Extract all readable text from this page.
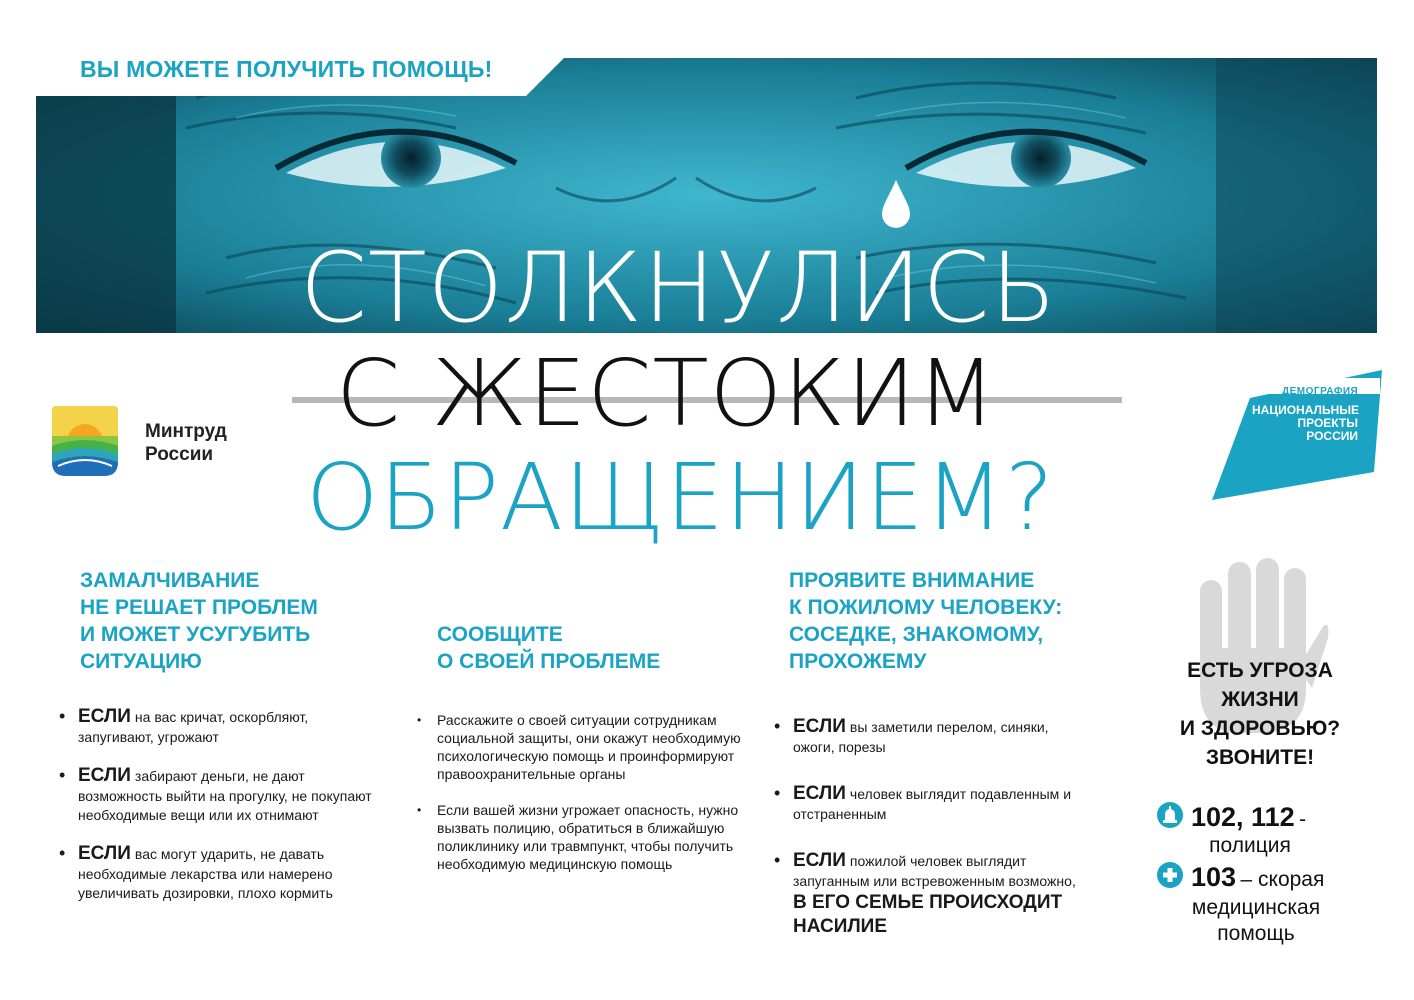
ВЫ МОЖЕТЕ ПОЛУЧИТЬ ПОМОЩЬ!
СТОЛКНУЛИСЬ
С ЖЕСТОКИМ
ОБРАЩЕНИЕМ?
Минтруд
России
ДЕМОГРАФИЯ
НАЦИОНАЛЬНЫЕ ПРОЕКТЫ РОССИИ
ЗАМАЛЧИВАНИЕ
НЕ РЕШАЕТ ПРОБЛЕМ
И МОЖЕТ УСУГУБИТЬ
СИТУАЦИЮ
• ЕСЛИ на вас кричат, оскорбляют, запугивают, угрожают
• ЕСЛИ забирают деньги, не дают возможность выйти на прогулку, не покупают необходимые вещи или их отнимают
• ЕСЛИ вас могут ударить, не давать необходимые лекарства или намерено увеличивать дозировки, плохо кормить
СООБЩИТЕ
О СВОЕЙ ПРОБЛЕМЕ
• Расскажите о своей ситуации сотрудникам социальной защиты, они окажут необходимую психологическую помощь и проинформируют правоохранительные органы
• Если вашей жизни угрожает опасность, нужно вызвать полицию, обратиться в ближайшую поликлинику или травмпункт, чтобы получить необходимую медицинскую помощь
ПРОЯВИТЕ ВНИМАНИЕ
К ПОЖИЛОМУ ЧЕЛОВЕКУ:
СОСЕДКЕ, ЗНАКОМОМУ,
ПРОХОЖЕМУ
• ЕСЛИ вы заметили перелом, синяки, ожоги, порезы
• ЕСЛИ человек выглядит подавленным и отстраненным
• ЕСЛИ пожилой человек выглядит запуганным или встревоженным возможно, В ЕГО СЕМЬЕ ПРОИСХОДИТ НАСИЛИЕ
ЕСТЬ УГРОЗА
ЖИЗНИ
И ЗДОРОВЬЮ?
ЗВОНИТЕ!
102, 112 -
полиция
103 – скорая
медицинская
помощь
